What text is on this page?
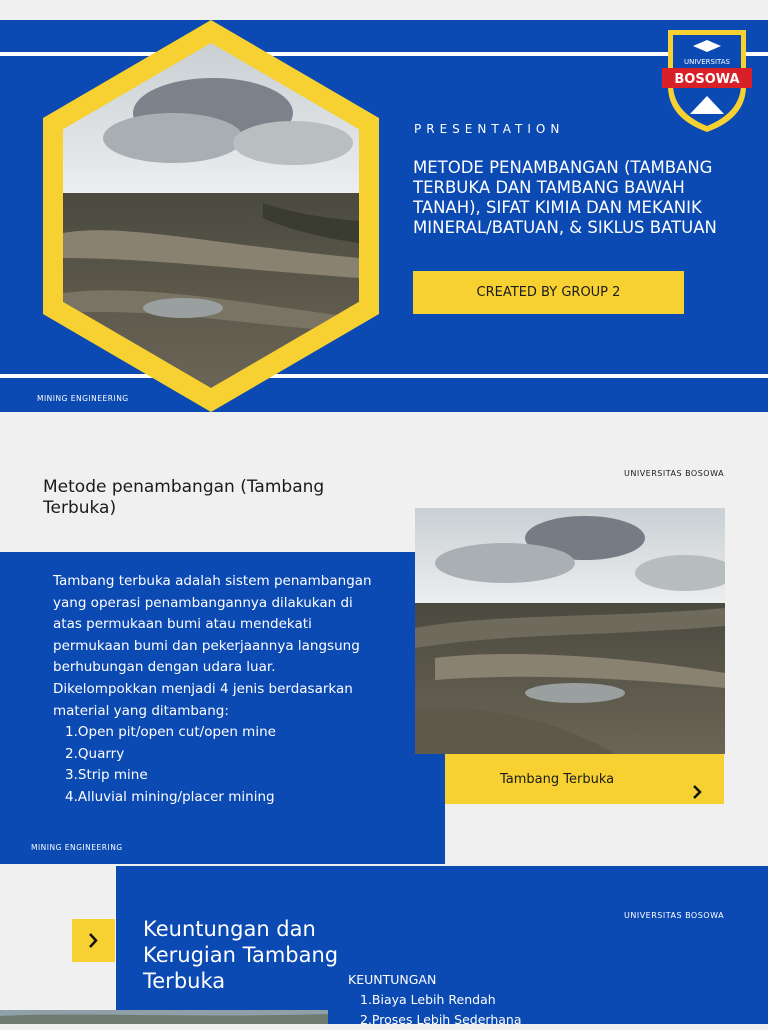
UNIVERSITAS
BOSOWA
PRESENTATION
METODE PENAMBANGAN (TAMBANG TERBUKA DAN TAMBANG BAWAH TANAH), SIFAT KIMIA DAN MEKANIK MINERAL/BATUAN, & SIKLUS BATUAN
CREATED BY GROUP 2
MINING ENGINEERING
UNIVERSITAS BOSOWA
Metode penambangan (Tambang Terbuka)
Tambang terbuka adalah sistem penambangan yang operasi penambangannya dilakukan di atas permukaan bumi atau mendekati permukaan bumi dan pekerjaannya langsung berhubungan dengan udara luar. Dikelompokkan menjadi 4 jenis berdasarkan material yang ditambang:
1.Open pit/open cut/open mine
2.Quarry
3.Strip mine
4.Alluvial mining/placer mining
MINING ENGINEERING
Tambang Terbuka
UNIVERSITAS BOSOWA
Keuntungan dan Kerugian Tambang Terbuka	KEUNTUNGAN
1.Biaya Lebih Rendah
2.Proses Lebih Sederhana
